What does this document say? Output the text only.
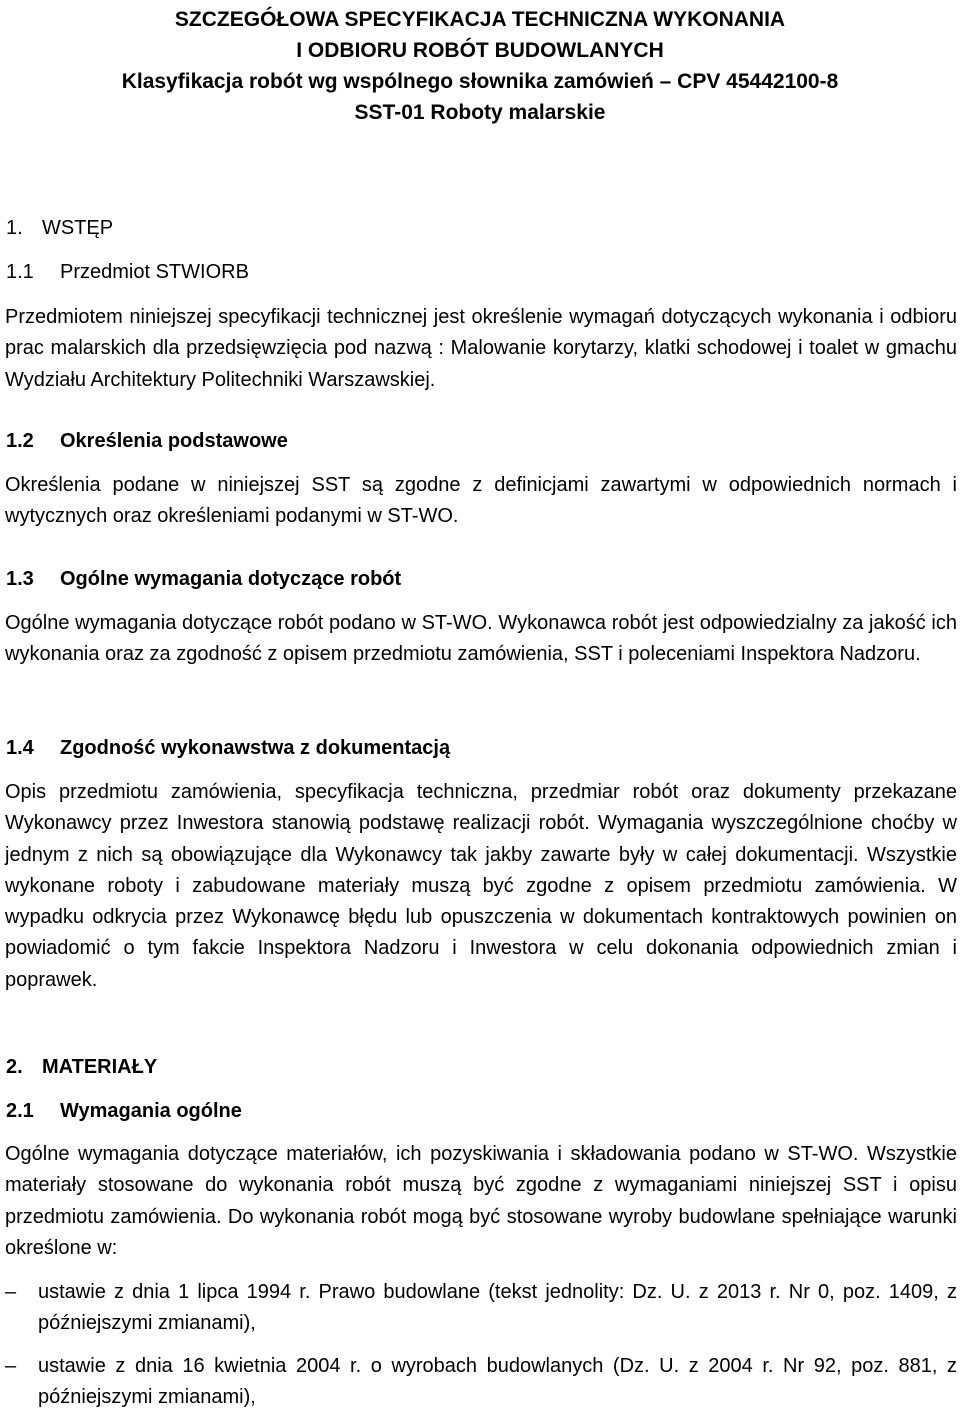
SZCZEGÓŁOWA SPECYFIKACJA TECHNICZNA WYKONANIA
I ODBIORU ROBÓT BUDOWLANYCH
Klasyfikacja robót wg wspólnego słownika zamówień – CPV 45442100-8
SST-01 Roboty malarskie
1. WSTĘP
1.1 Przedmiot STWIORB
Przedmiotem niniejszej specyfikacji technicznej jest określenie wymagań dotyczących wykonania i odbioru prac malarskich dla przedsięwzięcia pod nazwą : Malowanie korytarzy, klatki schodowej i toalet w gmachu Wydziału Architektury Politechniki Warszawskiej.
1.2 Określenia podstawowe
Określenia podane w niniejszej SST są zgodne z definicjami zawartymi w odpowiednich normach i wytycznych oraz określeniami podanymi w ST-WO.
1.3 Ogólne wymagania dotyczące robót
Ogólne wymagania dotyczące robót podano w ST-WO. Wykonawca robót jest odpowiedzialny za jakość ich wykonania oraz za zgodność z opisem przedmiotu zamówienia, SST i poleceniami Inspektora Nadzoru.
1.4 Zgodność wykonawstwa z dokumentacją
Opis przedmiotu zamówienia, specyfikacja techniczna, przedmiar robót oraz dokumenty przekazane Wykonawcy przez Inwestora stanowią podstawę realizacji robót. Wymagania wyszczególnione choćby w jednym z nich są obowiązujące dla Wykonawcy tak jakby zawarte były w całej dokumentacji. Wszystkie wykonane roboty i zabudowane materiały muszą być zgodne z opisem przedmiotu zamówienia. W wypadku odkrycia przez Wykonawcę błędu lub opuszczenia w dokumentach kontraktowych powinien on powiadomić o tym fakcie Inspektora Nadzoru i Inwestora w celu dokonania odpowiednich zmian i poprawek.
2. MATERIAŁY
2.1 Wymagania ogólne
Ogólne wymagania dotyczące materiałów, ich pozyskiwania i składowania podano w ST-WO. Wszystkie materiały stosowane do wykonania robót muszą być zgodne z wymaganiami niniejszej SST i opisu przedmiotu zamówienia. Do wykonania robót mogą być stosowane wyroby budowlane spełniające warunki określone w:
–	ustawie z dnia 1 lipca 1994 r. Prawo budowlane (tekst jednolity: Dz. U. z 2013 r. Nr 0, poz. 1409, z późniejszymi zmianami),
–	ustawie z dnia 16 kwietnia 2004 r. o wyrobach budowlanych (Dz. U. z 2004 r. Nr 92, poz. 881, z późniejszymi zmianami),
